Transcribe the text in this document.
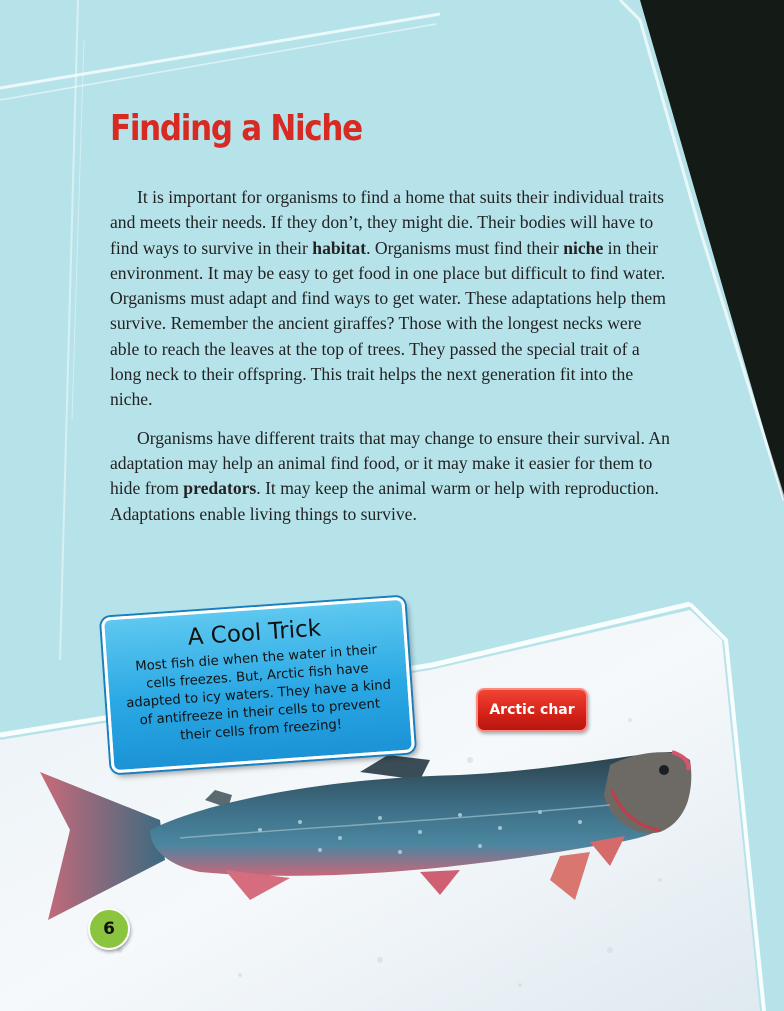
Finding a Niche

It is important for organisms to find a home that suits their individual traits and meets their needs. If they don’t, they might die. Their bodies will have to find ways to survive in their habitat. Organisms must find their niche in their environment. It may be easy to get food in one place but difficult to find water. Organisms must adapt and find ways to get water. These adaptations help them survive. Remember the ancient giraffes? Those with the longest necks were able to reach the leaves at the top of trees. They passed the special trait of a long neck to their offspring. This trait helps the next generation fit into the niche.

Organisms have different traits that may change to ensure their survival. An adaptation may help an animal find food, or it may make it easier for them to hide from predators. It may keep the animal warm or help with reproduction. Adaptations enable living things to survive.

A Cool Trick
Most fish die when the water in their cells freezes. But, Arctic fish have adapted to icy waters. They have a kind of antifreeze in their cells to prevent their cells from freezing!
Arctic char
6
